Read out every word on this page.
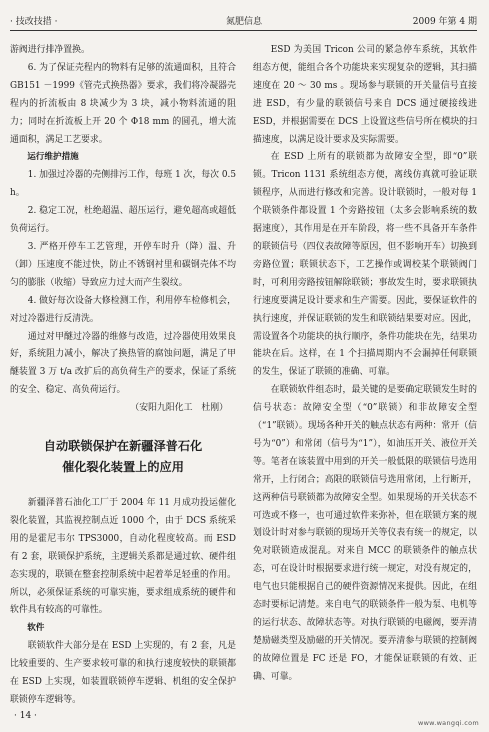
· 技改技措 ·	氮肥信息	2009 年第 4 期

游阀进行排净置换。

6. 为了保证壳程内的物料有足够的流通面积，且符合 GB151 －1999《管壳式换热器》要求，我们将冷凝器壳程内的折流板由 8 块减少为 3 块，减小物料流通的阻力；同时在折流板上开 20 个 Φ18 mm 的圆孔，增大流通面积，满足工艺要求。

运行维护措施

1. 加强过冷器的壳侧排污工作，每班 1 次，每次 0.5 h。

2. 稳定工况，杜绝超温、超压运行，避免超高或超低负荷运行。

3. 严格开停车工艺管理，开停车时升（降）温、升（卸）压速度不能过快，防止不锈钢衬里和碳钢壳体不均匀的膨胀（收缩）导致应力过大而产生裂纹。

4. 做好每次设备大修检测工作，利用停车检修机会，对过冷器进行反清洗。

通过对甲醚过冷器的维修与改造，过冷器使用效果良好，系统阻力减小，解决了换热管的腐蚀问题，满足了甲醚装置 3 万 t/a 改扩后的高负荷生产的要求，保证了系统的安全、稳定、高负荷运行。

（安阳九阳化工　杜刚）

自动联锁保护在新疆泽普石化
催化裂化装置上的应用

新疆泽普石油化工厂于 2004 年 11 月成功投运催化裂化装置，其监视控制点近 1000 个，由于 DCS 系统采用的是霍尼韦尔 TPS3000，自动化程度较高。而 ESD 有 2 套，联锁保护系统，主逻辑关系都是通过软、硬件组态实现的，联锁在整套控制系统中起着举足轻重的作用。所以，必须保证系统的可靠实施，要求组成系统的硬件和软件具有较高的可靠性。

软件

联锁软件大部分是在 ESD 上实现的，有 2 套，凡是比较重要的、生产要求较可靠的和执行速度较快的联锁都在 ESD 上实现，如装置联锁停车逻辑、机组的安全保护联锁停车逻辑等。

ESD 为美国 Tricon 公司的紧急停车系统，其软件组态方便，能组合各个功能块来实现复杂的逻辑，其扫描速度在 20 ～ 30 ms 。现场参与联锁的开关量信号直接进 ESD，有少量的联锁信号来自 DCS 通过硬接线进 ESD，并根据需要在 DCS 上设置这些信号所在模块的扫描速度，以满足设计要求及实际需要。

在 ESD 上所有的联锁都为故障安全型，即“0”联锁。Tricon 1131 系统组态方便，离线仿真就可验证联锁程序，从而进行修改和完善。设计联锁时，一般对每 1 个联锁条件都设置 1 个旁路按钮（太多会影响系统的数据速度），其作用是在开车阶段，将一些不具备开车条件的联锁信号（四仪表故障等原因，但不影响开车）切换到旁路位置；联锁状态下，工艺操作或调校某个联锁阀门时，可利用旁路按钮解除联锁；事故发生时，要求联锁执行速度要满足设计要求和生产需要。因此，要保证软件的执行速度，并保证联锁的发生和联锁结果要对应。因此，需设置各个功能块的执行顺序，条件功能块在先，结果功能块在后。这样，在 1 个扫描周期内不会漏掉任何联锁的发生，保证了联锁的准确、可靠。

在联锁软件组态时，最关键的是要确定联锁发生时的信号状态：故障安全型（“0”联锁）和非故障安全型（“1”联锁）。现场各种开关的触点状态有两种：常开（信号为“0”）和常闭（信号为“1”），如油压开关、液位开关等。笔者在该装置中用到的开关一般低限的联锁信号选用常开，上行闭合；高限的联锁信号选用常闭，上行断开，这两种信号联锁都为故障安全型。如果现场的开关状态不可选或不修一，也可通过软件来弥补，但在联锁方案的规划设计时对参与联锁的现场开关等仪表有统一的规定，以免对联锁造成混乱。对来自 MCC 的联锁条件的触点状态，可在设计时根据要求进行统一规定，对没有规定的，电气也只能根据自己的硬件资源情况来提供。因此，在组态时要标记清楚。来自电气的联锁条件一般为泵、电机等的运行状态、故障状态等。对执行联锁的电磁阀，要弄清楚励磁类型及励磁的开关情况。要弄清参与联锁的控制阀的故障位置是 FC 还是 FO，才能保证联锁的有效、正确、可靠。

· 14 ·
www.wangqi.com
